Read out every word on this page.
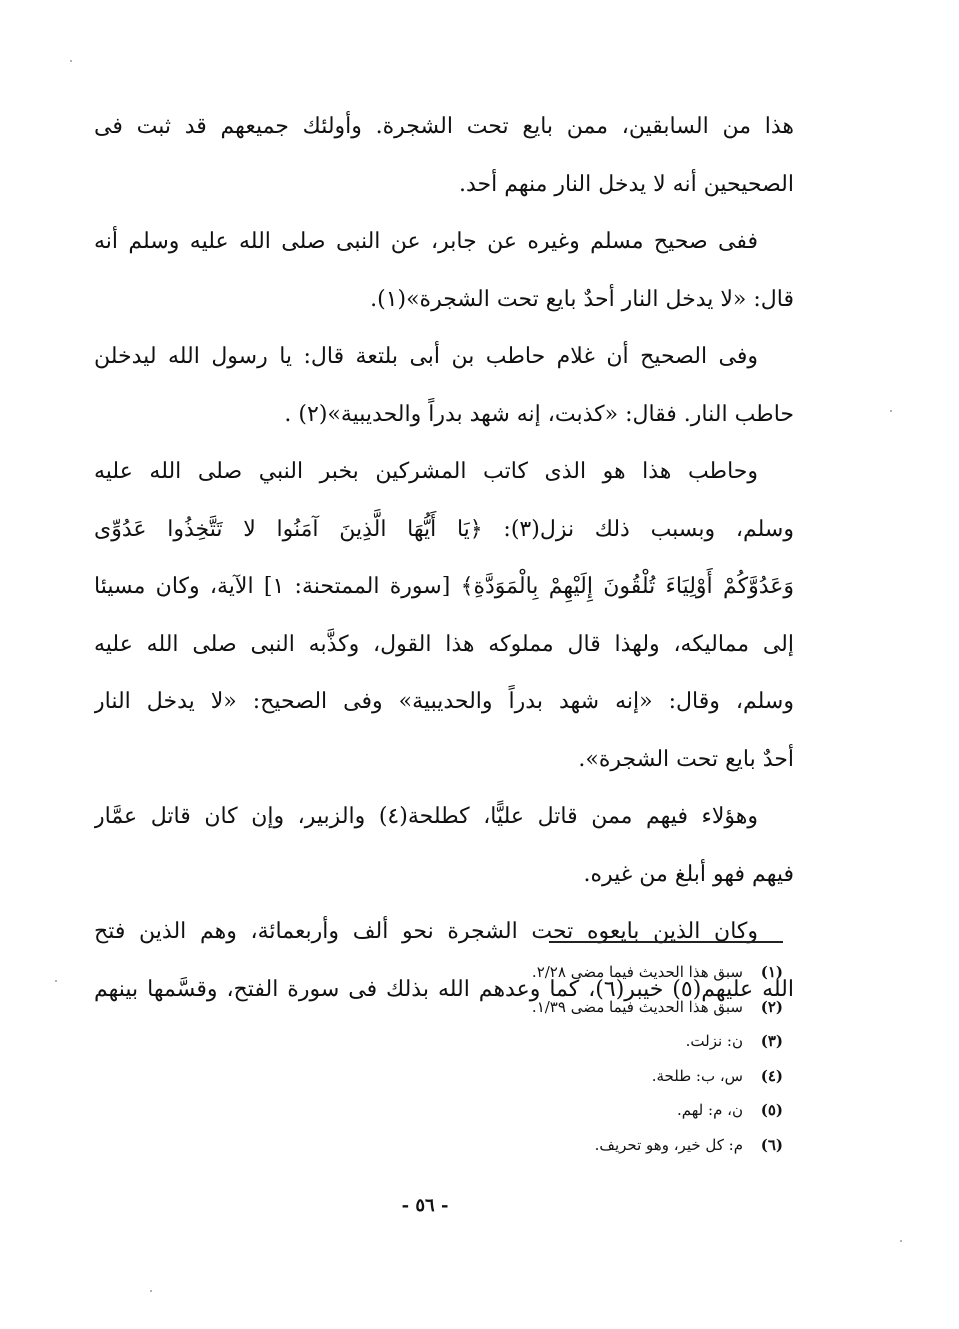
هذا من السابقين، ممن بايع تحت الشجرة. وأولئك جميعهم قد ثبت فى
الصحيحين أنه لا يدخل النار منهم أحد.
ففى صحيح مسلم وغيره عن جابر، عن النبى صلى الله عليه وسلم أنه
قال: «لا يدخل النار أحدٌ بايع تحت الشجرة»(١).
وفى الصحيح أن غلام حاطب بن أبى بلتعة قال: يا رسول الله ليدخلن
حاطب النار. فقال: «كذبت، إنه شهد بدراً والحديبية»(٢) .
وحاطب هذا هو الذى كاتب المشركين بخبر النبي صلى الله عليه
وسلم، وبسبب ذلك نزل(٣): ﴿يَا أَيُّهَا الَّذِينَ آمَنُوا لا تَتَّخِذُوا عَدُوِّى
وَعَدُوَّكُمْ أَوْلِيَاءَ تُلْقُونَ إِلَيْهِمْ بِالْمَوَدَّةِ﴾ [سورة الممتحنة: ١] الآية، وكان مسيئا
إلى مماليكه، ولهذا قال مملوكه هذا القول، وكذَّبه النبى صلى الله عليه
وسلم، وقال: «إنه شهد بدراً والحديبية» وفى الصحيح: «لا يدخل النار
أحدٌ بايع تحت الشجرة».
وهؤلاء فيهم ممن قاتل عليًّا، كطلحة(٤) والزبير، وإن كان قاتل عمَّار
فيهم فهو أبلغ من غيره.
وكان الذين بايعوه تحت الشجرة نحو ألف وأربعمائة، وهم الذين فتح
الله عليهم(٥) خيبر(٦)، كما وعدهم الله بذلك فى سورة الفتح، وقسَّمها بينهم
(١)
سبق هذا الحديث فيما مضى ٢/٢٨.
(٢)
سبق هذا الحديث فيما مضى ١/٣٩.
(٣)
ن: نزلت.
(٤)
س، ب: طلحة.
(٥)
ن، م: لهم.
(٦)
م: كل خير، وهو تحريف.
- ٥٦ -
